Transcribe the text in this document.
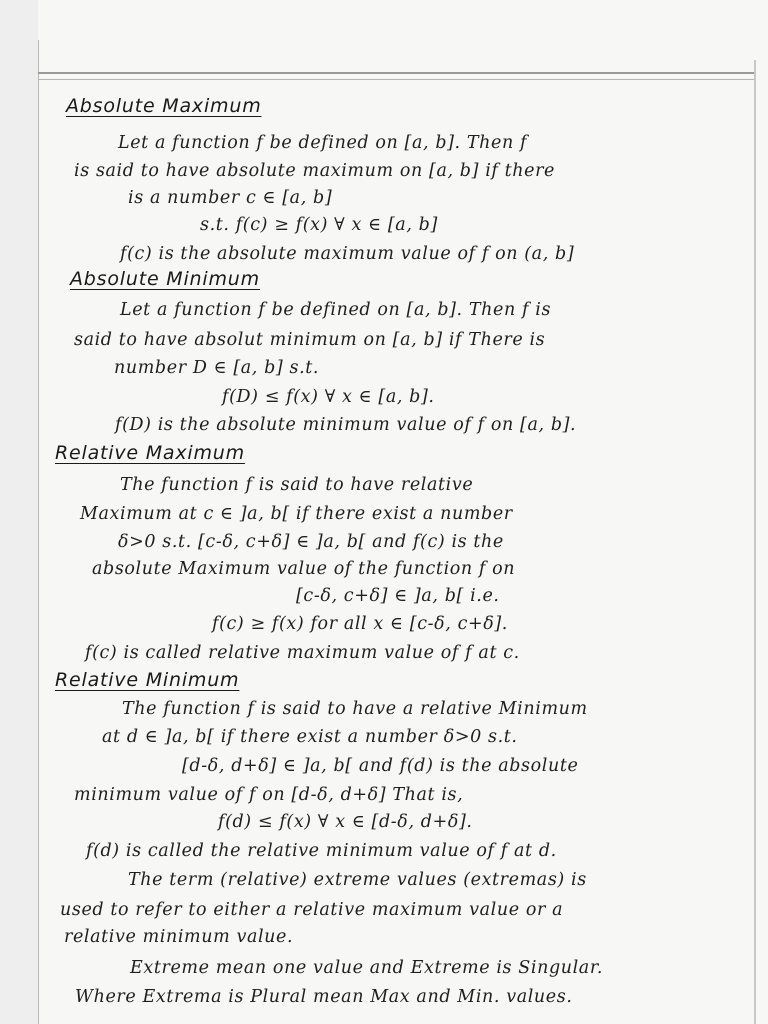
Absolute Maximum
Let a function f be defined on [a, b]. Then f
is said to have absolute maximum on [a, b] if there
is a number c ∈ [a, b]
s.t. f(c) ≥ f(x) ∀ x ∈ [a, b]
f(c) is the absolute maximum value of f on (a, b]
Absolute Minimum
Let a function f be defined on [a, b]. Then f is
said to have absolut minimum on [a, b] if There is
number D ∈ [a, b] s.t.
f(D) ≤ f(x) ∀ x ∈ [a, b].
f(D) is the absolute minimum value of f on [a, b].
Relative Maximum
The function f is said to have relative
Maximum at c ∈ ]a, b[ if there exist a number
δ>0 s.t. [c-δ, c+δ] ∈ ]a, b[ and f(c) is the
absolute Maximum value of the function f on
[c-δ, c+δ] ∈ ]a, b[ i.e.
f(c) ≥ f(x) for all x ∈ [c-δ, c+δ].
f(c) is called relative maximum value of f at c.
Relative Minimum
The function f is said to have a relative Minimum
at d ∈ ]a, b[ if there exist a number δ>0 s.t.
[d-δ, d+δ] ∈ ]a, b[ and f(d) is the absolute
minimum value of f on [d-δ, d+δ] That is,
f(d) ≤ f(x) ∀ x ∈ [d-δ, d+δ].
f(d) is called the relative minimum value of f at d.
The term (relative) extreme values (extremas) is
used to refer to either a relative maximum value or a
relative minimum value.
Extreme mean one value and Extreme is Singular.
Where Extrema is Plural mean Max and Min. values.
